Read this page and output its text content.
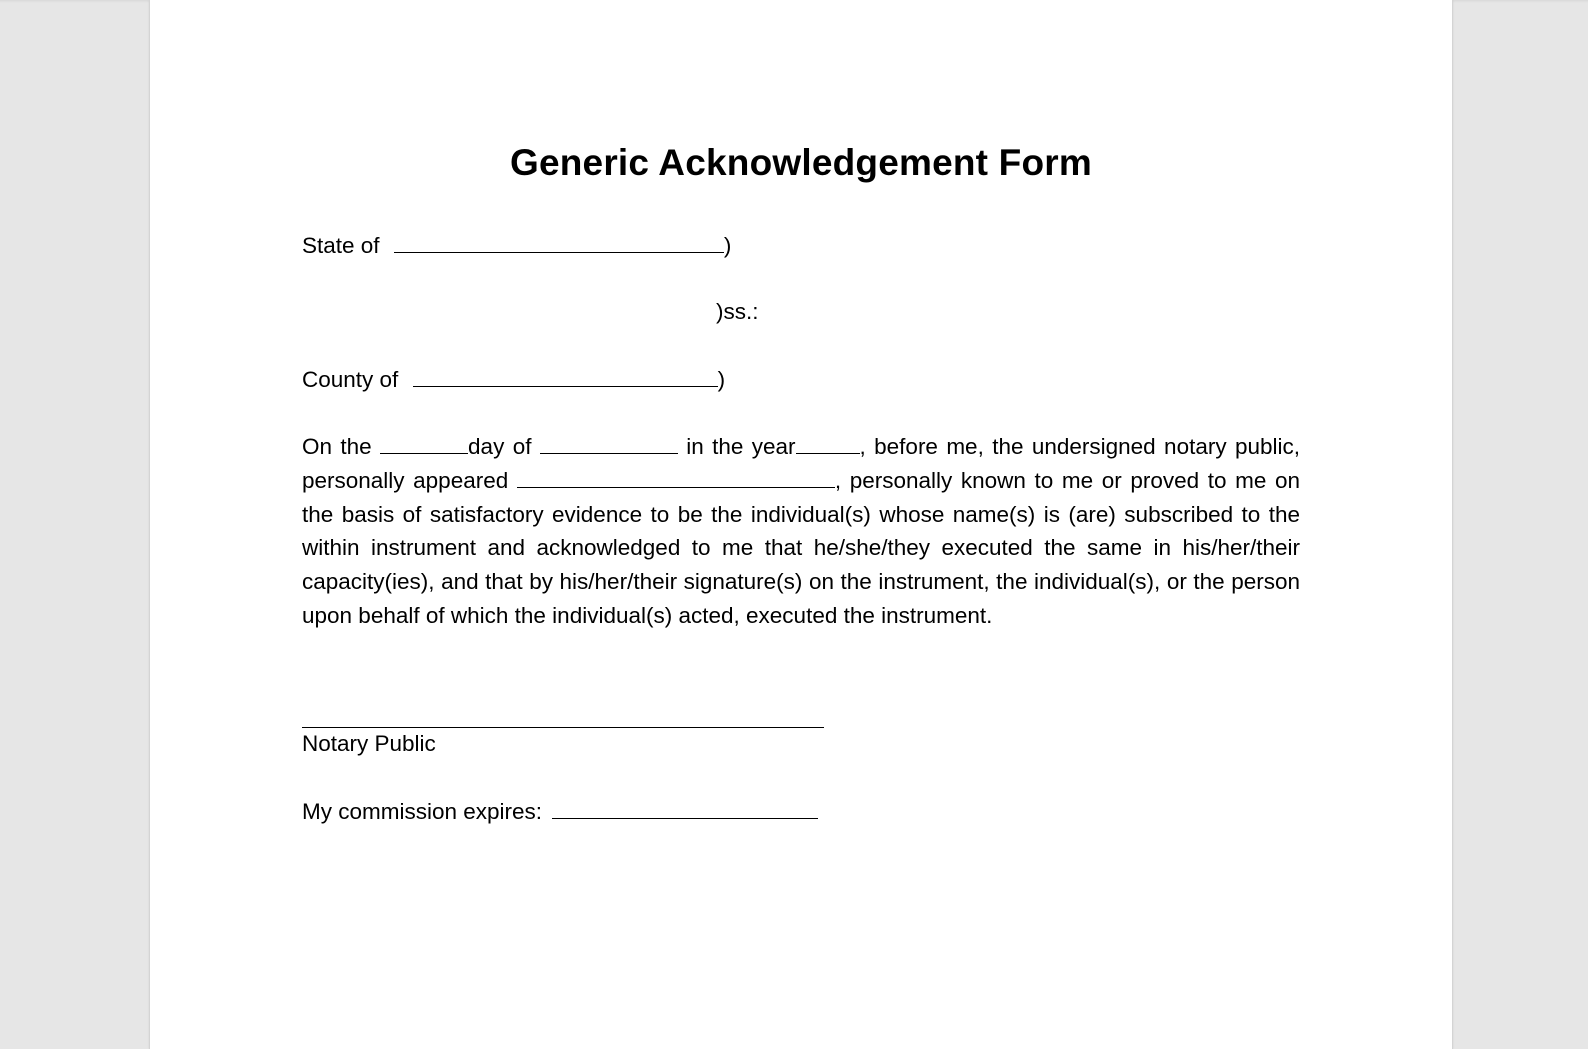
Generic Acknowledgement Form
State of	)
)ss.:
County of	)

On the	day of	in the year	, before me, the undersigned notary public, personally appeared	, personally known to me or proved to me on the basis of satisfactory evidence to be the individual(s) whose name(s) is (are) subscribed to the within instrument and acknowledged to me that he/she/they executed the same in his/her/their capacity(ies), and that by his/her/their signature(s) on the instrument, the individual(s), or the person upon behalf of which the individual(s) acted, executed the instrument.

Notary Public
My commission expires:
